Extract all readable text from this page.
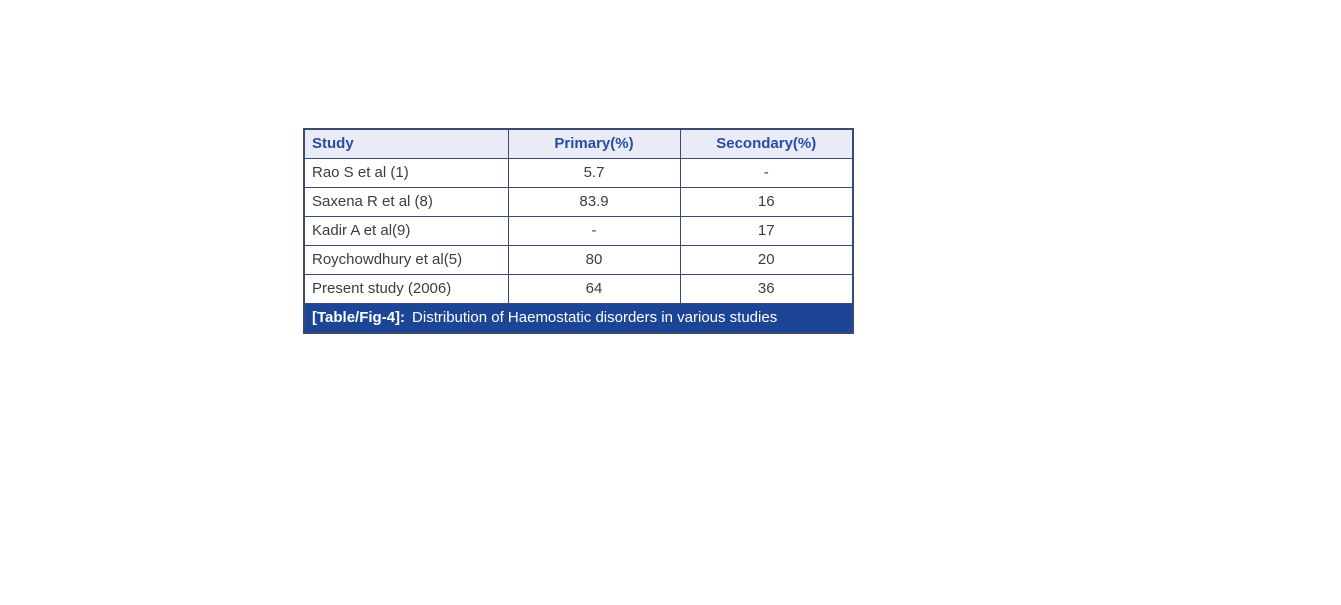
Study	Primary(%)	Secondary(%)
Rao S et al (1)	5.7	-
Saxena R et al (8)	83.9	16
Kadir A et al(9)	-	17
Roychowdhury et al(5)	80	20
Present study (2006)	64	36
[Table/Fig-4]: Distribution of Haemostatic disorders in various studies		
